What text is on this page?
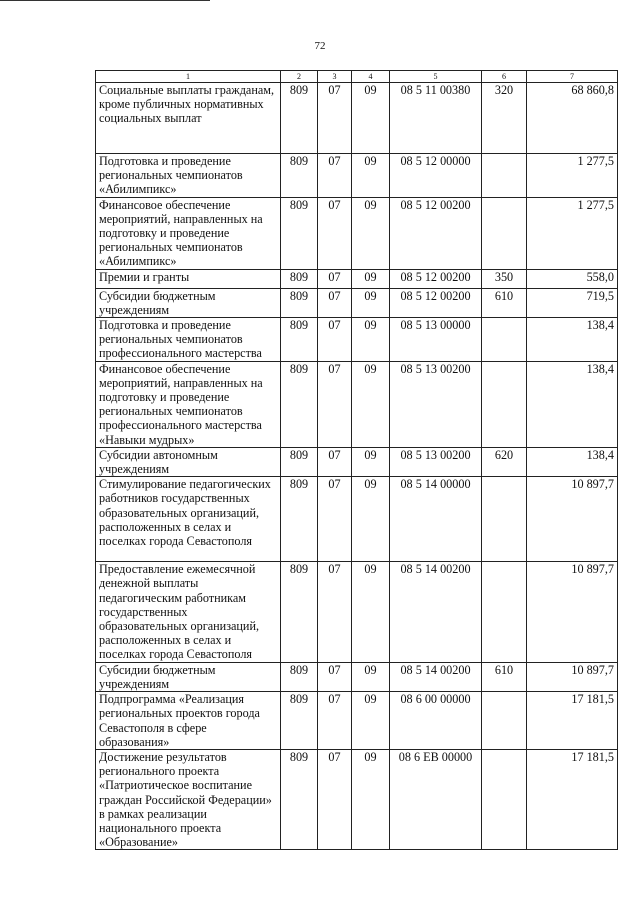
72
1	2	3	4	5	6	7
Социальные выплаты гражданам, кроме публичных нормативных социальных выплат	809	07	09	08 5 11 00380	320	68 860,8
Подготовка и проведение региональных чемпионатов «Абилимпикс»	809	07	09	08 5 12 00000		1 277,5
Финансовое обеспечение мероприятий, направленных на подготовку и проведение региональных чемпионатов «Абилимпикс»	809	07	09	08 5 12 00200		1 277,5
Премии и гранты	809	07	09	08 5 12 00200	350	558,0
Субсидии бюджетным учреждениям	809	07	09	08 5 12 00200	610	719,5
Подготовка и проведение региональных чемпионатов профессионального мастерства	809	07	09	08 5 13 00000		138,4
Финансовое обеспечение мероприятий, направленных на подготовку и проведение региональных чемпионатов профессионального мастерства «Навыки мудрых»	809	07	09	08 5 13 00200		138,4
Субсидии автономным учреждениям	809	07	09	08 5 13 00200	620	138,4
Стимулирование педагогических работников государственных образовательных организаций, расположенных в селах и поселках города Севастополя	809	07	09	08 5 14 00000		10 897,7
Предоставление ежемесячной денежной выплаты педагогическим работникам государственных образовательных организаций, расположенных в селах и поселках города Севастополя	809	07	09	08 5 14 00200		10 897,7
Субсидии бюджетным учреждениям	809	07	09	08 5 14 00200	610	10 897,7
Подпрограмма «Реализация региональных проектов города Севастополя в сфере образования»	809	07	09	08 6 00 00000		17 181,5
Достижение результатов регионального проекта «Патриотическое воспитание граждан Российской Федерации» в рамках реализации национального проекта «Образование»	809	07	09	08 6 ЕВ 00000		17 181,5
